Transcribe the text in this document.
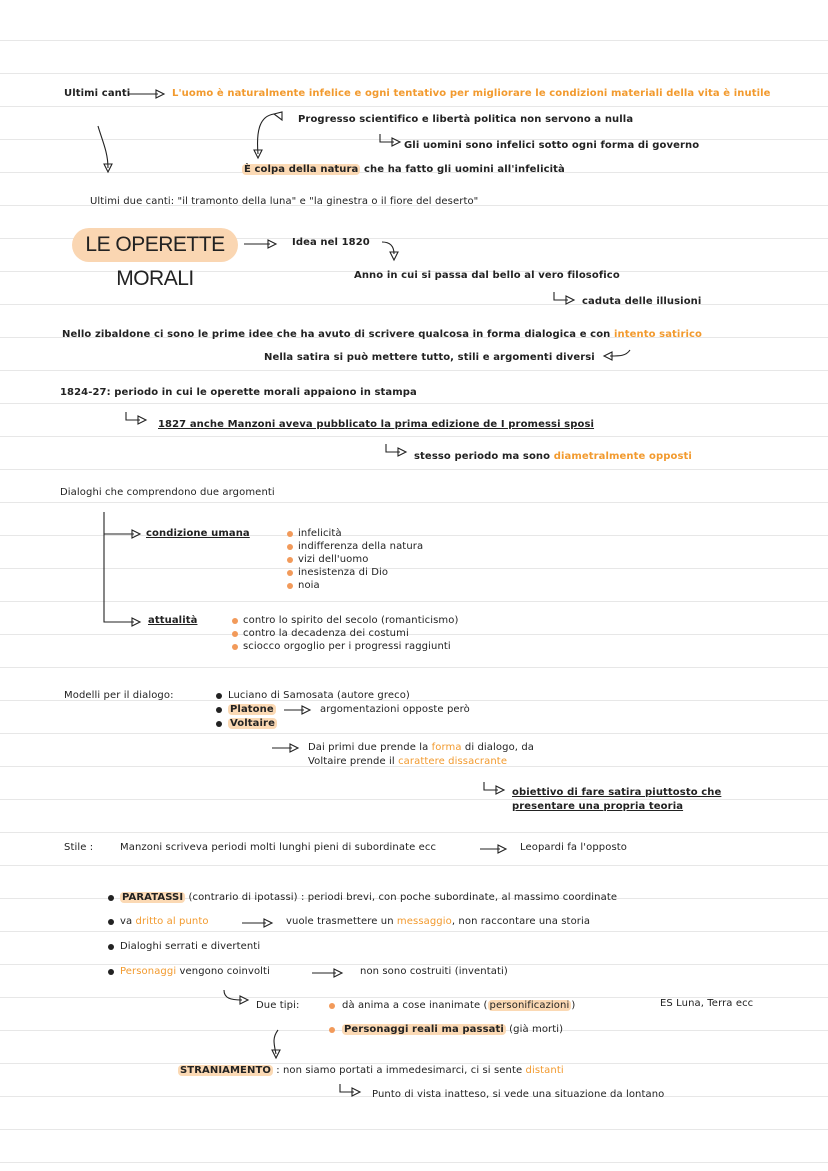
Ultimi canti	L'uomo è naturalmente infelice e ogni tentativo per migliorare le condizioni materiali della vita è inutile
Progresso scientifico e libertà politica non servono a nulla
Gli uomini sono infelici sotto ogni forma di governo
È colpa della natura che ha fatto gli uomini all'infelicità
Ultimi due canti: "il tramonto della luna" e "la ginestra o il fiore del deserto"
LE OPERETTE MORALI
Idea nel 1820
Anno in cui si passa dal bello al vero filosofico
caduta delle illusioni
Nello zibaldone ci sono le prime idee che ha avuto di scrivere qualcosa in forma dialogica e con intento satirico
Nella satira si può mettere tutto, stili e argomenti diversi
1824-27: periodo in cui le operette morali appaiono in stampa
1827 anche Manzoni aveva pubblicato la prima edizione de I promessi sposi
stesso periodo ma sono diametralmente opposti
Dialoghi che comprendono due argomenti
condizione umana	infelicità
indifferenza della natura
vizi dell'uomo
inesistenza di Dio
noia
attualità	contro lo spirito del secolo (romanticismo)
contro la decadenza dei costumi
sciocco orgoglio per i progressi raggiunti
Modelli per il dialogo:	Luciano di Samosata (autore greco)
Platone
Voltaire
argomentazioni opposte però
Dai primi due prende la forma di dialogo, da
Voltaire prende il carattere dissacrante
obiettivo di fare satira piuttosto che
presentare una propria teoria
Stile :	Manzoni scriveva periodi molti lunghi pieni di subordinate ecc	Leopardi fa l'opposto
PARATASSI (contrario di ipotassi) : periodi brevi, con poche subordinate, al massimo coordinate
va dritto al punto	vuole trasmettere un messaggio, non raccontare una storia
Dialoghi serrati e divertenti
Personaggi vengono coinvolti	non sono costruiti (inventati)
Due tipi:	dà anima a cose inanimate ( personificazioni )	ES Luna, Terra ecc
Personaggi reali ma passati (già morti)
STRANIAMENTO : non siamo portati a immedesimarci, ci si sente distanti
Punto di vista inatteso, si vede una situazione da lontano
